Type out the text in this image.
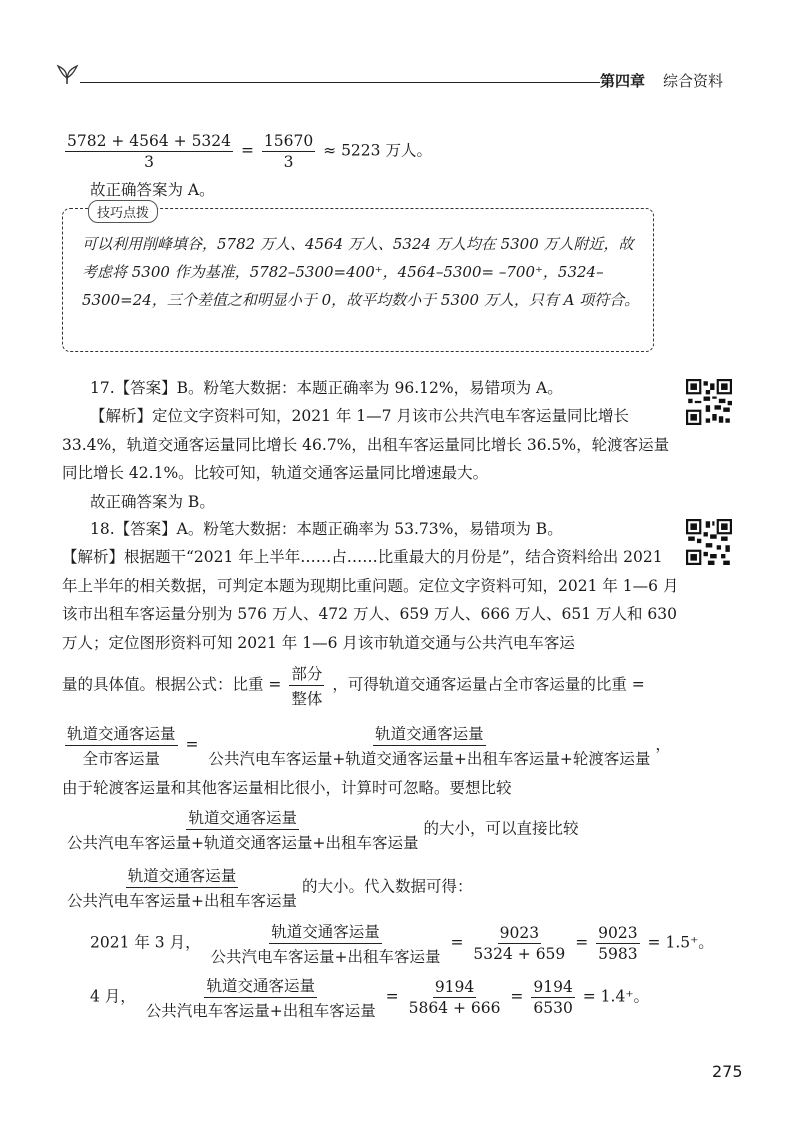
第四章 综合资料
$\frac{5782 + 4564 + 5324}{3} = \frac{15670}{3} \approx 5223$ 万人。
故正确答案为 A。
技巧点拨
可以利用削峰填谷，5782 万人、4564 万人、5324 万人均在 5300 万人附近，故考虑将 5300 作为基准，5782–5300=400⁺，4564–5300= –700⁺，5324–5300=24，三个差值之和明显小于 0，故平均数小于 5300 万人，只有 A 项符合。
17.【答案】B。粉笔大数据：本题正确率为 96.12%，易错项为 A。
【解析】定位文字资料可知，2021 年 1—7 月该市公共汽电车客运量同比增长 33.4%，轨道交通客运量同比增长 46.7%，出租车客运量同比增长 36.5%，轮渡客运量同比增长 42.1%。比较可知，轨道交通客运量同比增速最大。
故正确答案为 B。
18.【答案】A。粉笔大数据：本题正确率为 53.73%，易错项为 B。
【解析】根据题干“2021 年上半年……占……比重最大的月份是”，结合资料给出 2021 年上半年的相关数据，可判定本题为现期比重问题。定位文字资料可知，2021 年 1—6 月该市出租车客运量分别为 576 万人、472 万人、659 万人、666 万人、651 万人和 630 万人；定位图形资料可知 2021 年 1—6 月该市轨道交通与公共汽电车客运
量的具体值。根据公式：比重 = $\frac{\text{部分}}{\text{整体}}$ ，可得轨道交通客运量占全市客运量的比重 =
$\frac{\text{轨道交通客运量}}{\text{全市客运量}} = \frac{\text{轨道交通客运量}}{\text{公共汽电车客运量+轨道交通客运量+出租车客运量+轮渡客运量}}$ ，
由于轮渡客运量和其他客运量相比很小，计算时可忽略。要想比较
$\frac{\text{轨道交通客运量}}{\text{公共汽电车客运量+轨道交通客运量+出租车客运量}}$ 的大小，可以直接比较
$\frac{\text{轨道交通客运量}}{\text{公共汽电车客运量+出租车客运量}}$ 的大小。代入数据可得：
2021 年 3 月， $\frac{\text{轨道交通客运量}}{\text{公共汽电车客运量+出租车客运量}} = \frac{9023}{5324 + 659} = \frac{9023}{5983} = 1.5^+$。
4 月， $\frac{\text{轨道交通客运量}}{\text{公共汽电车客运量+出租车客运量}} = \frac{9194}{5864 + 666} = \frac{9194}{6530} = 1.4^+$。
275
